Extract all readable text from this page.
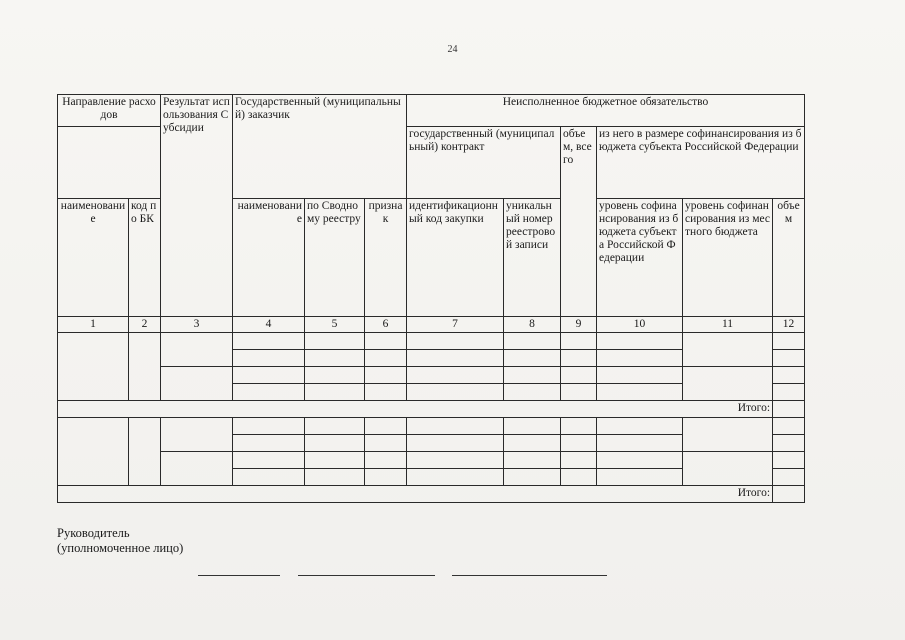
24
Направление расходов		Результат использования Субсидии	Государственный (муниципальный) заказчик			Неисполненное бюджетное обязательство					
						государственный (муниципальный) контракт		объем, всего	из него в размере софинансирования из бюджета субъекта Российской Федерации		
наименование	код по БК		наименование	по Сводному реестру	признак	идентификационный код закупки	уникальный номер реестровой записи		уровень софинансирования из бюджета субъекта Российской Федерации	уровень софинансирования из местного бюджета	объем
1	2	3	4	5	6	7	8	9	10	11	12

Итого:											

Итого:											
Руководитель (уполномоченное лицо)
